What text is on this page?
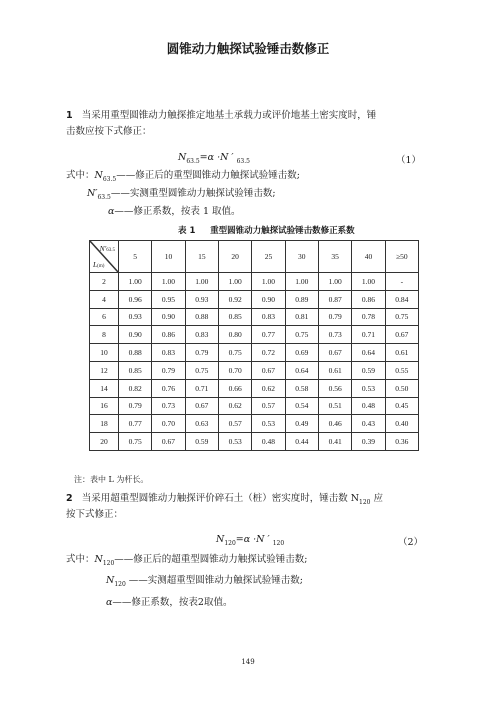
圆锥动力触探试验锤击数修正
1 当采用重型圆锥动力触探推定地基土承载力或评价地基土密实度时，锤
击数应按下式修正：
$N_{63.5}=\alpha \cdot N$ ′ $_{63.5}$	（1）
式中：$N_{63.5}——$修正后的重型圆锥动力触探试验锤击数;
$N'_{63.5}——$实测重型圆锥动力触探试验锤击数;
α——修正系数，按表 1 取值。
表 1 重型圆锥动力触探试验锤击数修正系数
N′63.5
L(m)	5	10	15	20	25	30	35	40	≥50
2	1.00	1.00	1.00	1.00	1.00	1.00	1.00	1.00	-
4	0.96	0.95	0.93	0.92	0.90	0.89	0.87	0.86	0.84
6	0.93	0.90	0.88	0.85	0.83	0.81	0.79	0.78	0.75
8	0.90	0.86	0.83	0.80	0.77	0.75	0.73	0.71	0.67
10	0.88	0.83	0.79	0.75	0.72	0.69	0.67	0.64	0.61
12	0.85	0.79	0.75	0.70	0.67	0.64	0.61	0.59	0.55
14	0.82	0.76	0.71	0.66	0.62	0.58	0.56	0.53	0.50
16	0.79	0.73	0.67	0.62	0.57	0.54	0.51	0.48	0.45
18	0.77	0.70	0.63	0.57	0.53	0.49	0.46	0.43	0.40
20	0.75	0.67	0.59	0.53	0.48	0.44	0.41	0.39	0.36
注：表中 L 为杆长。
2 当采用超重型圆锥动力触探评价碎石土（桩）密实度时，锤击数 $N_{120}$ 应
按下式修正：
$N_{120}=\alpha \cdot N$ ′ $_{120}$	（2）
式中：$N_{120}——$修正后的超重型圆锥动力触探试验锤击数;
$N_{120}$ ——实测超重型圆锥动力触探试验锤击数;
α——修正系数，按表2取值。
149
